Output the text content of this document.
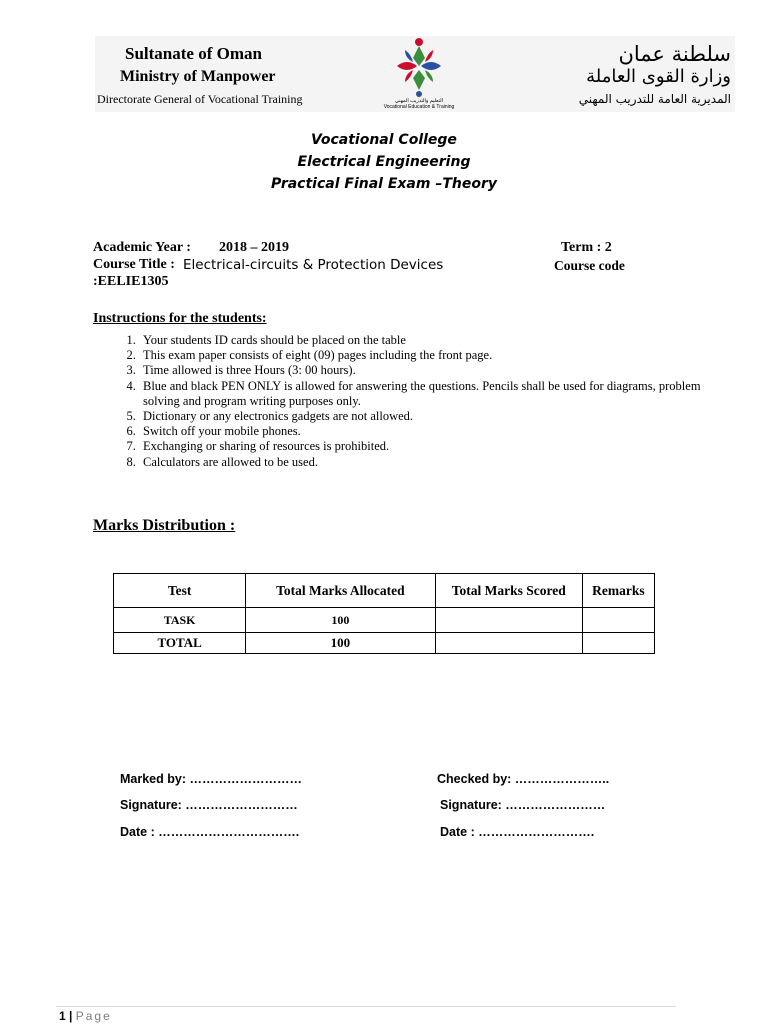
Sultanate of Oman
Ministry of Manpower
Directorate General of Vocational Training	التعليم والتدريب المهني
Vocational Education & Training
سلطنة عمان
وزارة القوى العاملة
المديرية العامة للتدريب المهني
Vocational College
Electrical Engineering
Practical Final Exam –Theory
Academic Year : 2018 – 2019	Term : 2
Course Title : Electrical-circuits & Protection Devices	Course code
:EELIE1305
Instructions for the students:
1. Your students ID cards should be placed on the table
2. This exam paper consists of eight (09) pages including the front page.
3. Time allowed is three Hours (3: 00 hours).
4. Blue and black PEN ONLY is allowed for answering the questions. Pencils shall be used for diagrams, problem solving and program writing purposes only.
5. Dictionary or any electronics gadgets are not allowed.
6. Switch off your mobile phones.
7. Exchanging or sharing of resources is prohibited.
8. Calculators are allowed to be used.
Marks Distribution :
Test	Total Marks Allocated	Total Marks Scored	Remarks
TASK	100		
TOTAL	100		
Marked by: ………………………	Checked by: …………………..
Signature: ………………………	Signature: ……………………
Date : …………………………….	Date : ……………………….
1 | Page
